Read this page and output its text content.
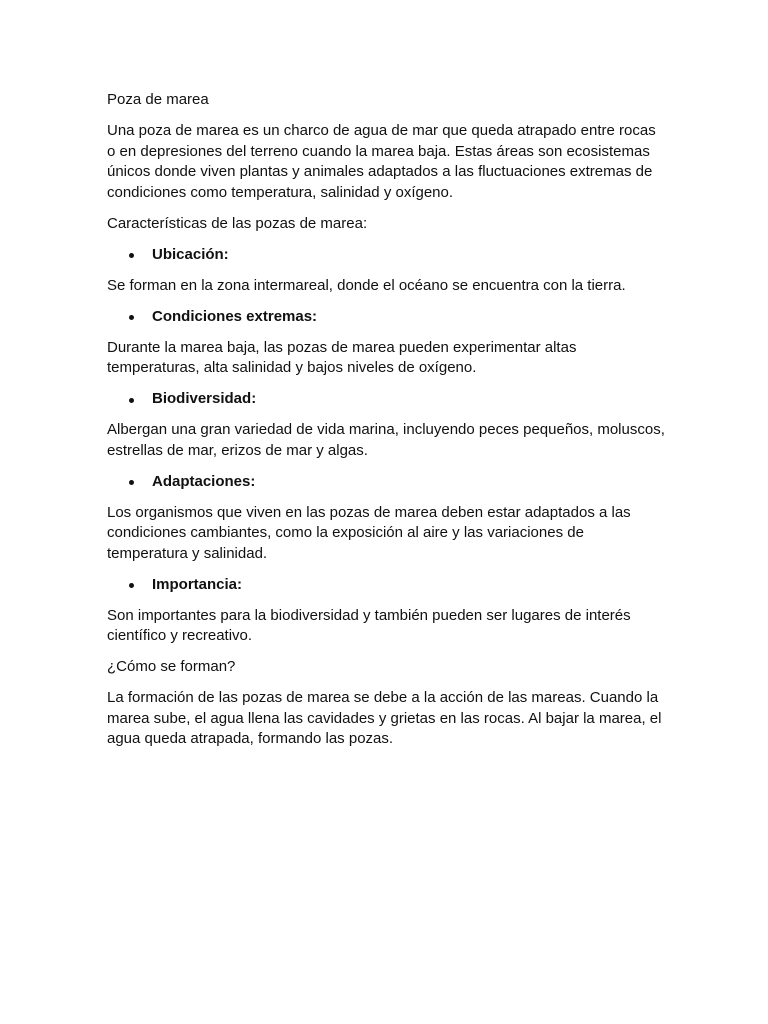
Poza de marea

Una poza de marea es un charco de agua de mar que queda atrapado entre rocas o en depresiones del terreno cuando la marea baja. Estas áreas son ecosistemas únicos donde viven plantas y animales adaptados a las fluctuaciones extremas de condiciones como temperatura, salinidad y oxígeno.

Características de las pozas de marea:

Ubicación:

Se forman en la zona intermareal, donde el océano se encuentra con la tierra.

Condiciones extremas:

Durante la marea baja, las pozas de marea pueden experimentar altas temperaturas, alta salinidad y bajos niveles de oxígeno.

Biodiversidad:

Albergan una gran variedad de vida marina, incluyendo peces pequeños, moluscos, estrellas de mar, erizos de mar y algas.

Adaptaciones:

Los organismos que viven en las pozas de marea deben estar adaptados a las condiciones cambiantes, como la exposición al aire y las variaciones de temperatura y salinidad.

Importancia:

Son importantes para la biodiversidad y también pueden ser lugares de interés científico y recreativo.

¿Cómo se forman?

La formación de las pozas de marea se debe a la acción de las mareas. Cuando la marea sube, el agua llena las cavidades y grietas en las rocas. Al bajar la marea, el agua queda atrapada, formando las pozas.
